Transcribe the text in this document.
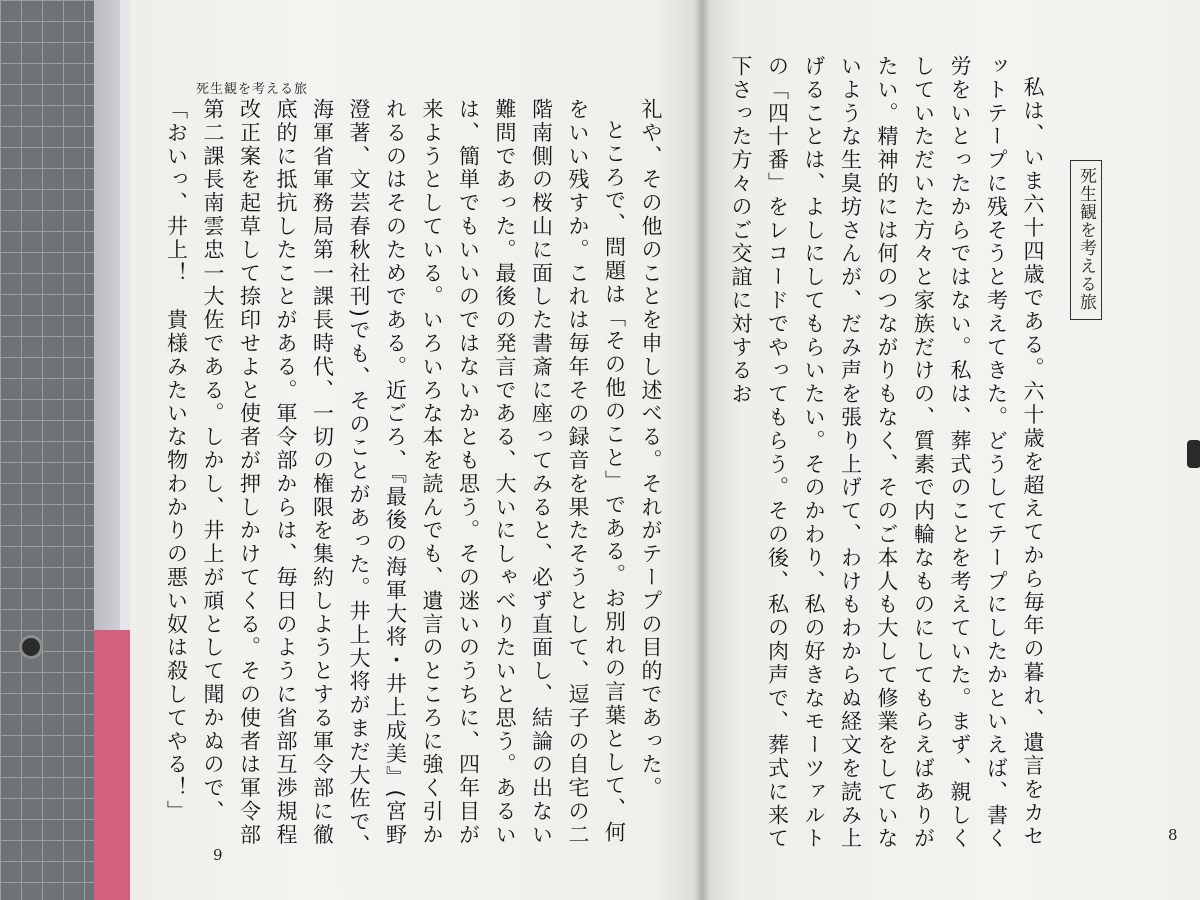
死生観を考える旅
死生観を考える旅

礼や、その他のことを申し述べる。それがテープの目的であった。

ところで、問題は「その他のこと」である。お別れの言葉として、何をいい残すか。これは毎年その録音を果たそうとして、逗子の自宅の二階南側の桜山に面した書斎に座ってみると、必ず直面し、結論の出ない難問であった。最後の発言である、大いにしゃべりたいと思う。あるいは、簡単でもいいのではないかとも思う。その迷いのうちに、四年目が来ようとしている。いろいろな本を読んでも、遺言のところに強く引かれるのはそのためである。近ごろ、『最後の海軍大将・井上成美』(宮野澄著、文芸春秋社刊)でも、そのことがあった。井上大将がまだ大佐で、海軍省軍務局第一課長時代、一切の権限を集約しようとする軍令部に徹底的に抵抗したことがある。軍令部からは、毎日のように省部互渉規程改正案を起草して捺印せよと使者が押しかけてくる。その使者は軍令部第二課長南雲忠一大佐である。しかし、井上が頑として聞かぬので、

「おいっ、井上！　貴様みたいな物わかりの悪い奴は殺してやる！」	私は、いま六十四歳である。六十歳を超えてから毎年の暮れ、遺言をカセットテープに残そうと考えてきた。どうしてテープにしたかといえば、書く労をいとったからではない。私は、葬式のことを考えていた。まず、親しくしていただいた方々と家族だけの、質素で内輪なものにしてもらえばありがたい。精神的には何のつながりもなく、そのご本人も大して修業をしていないような生臭坊さんが、だみ声を張り上げて、わけもわからぬ経文を読み上げることは、よしにしてもらいたい。そのかわり、私の好きなモーツァルトの「四十番」をレコードでやってもらう。その後、私の肉声で、葬式に来て下さった方々のご交誼に対するお

9
8
